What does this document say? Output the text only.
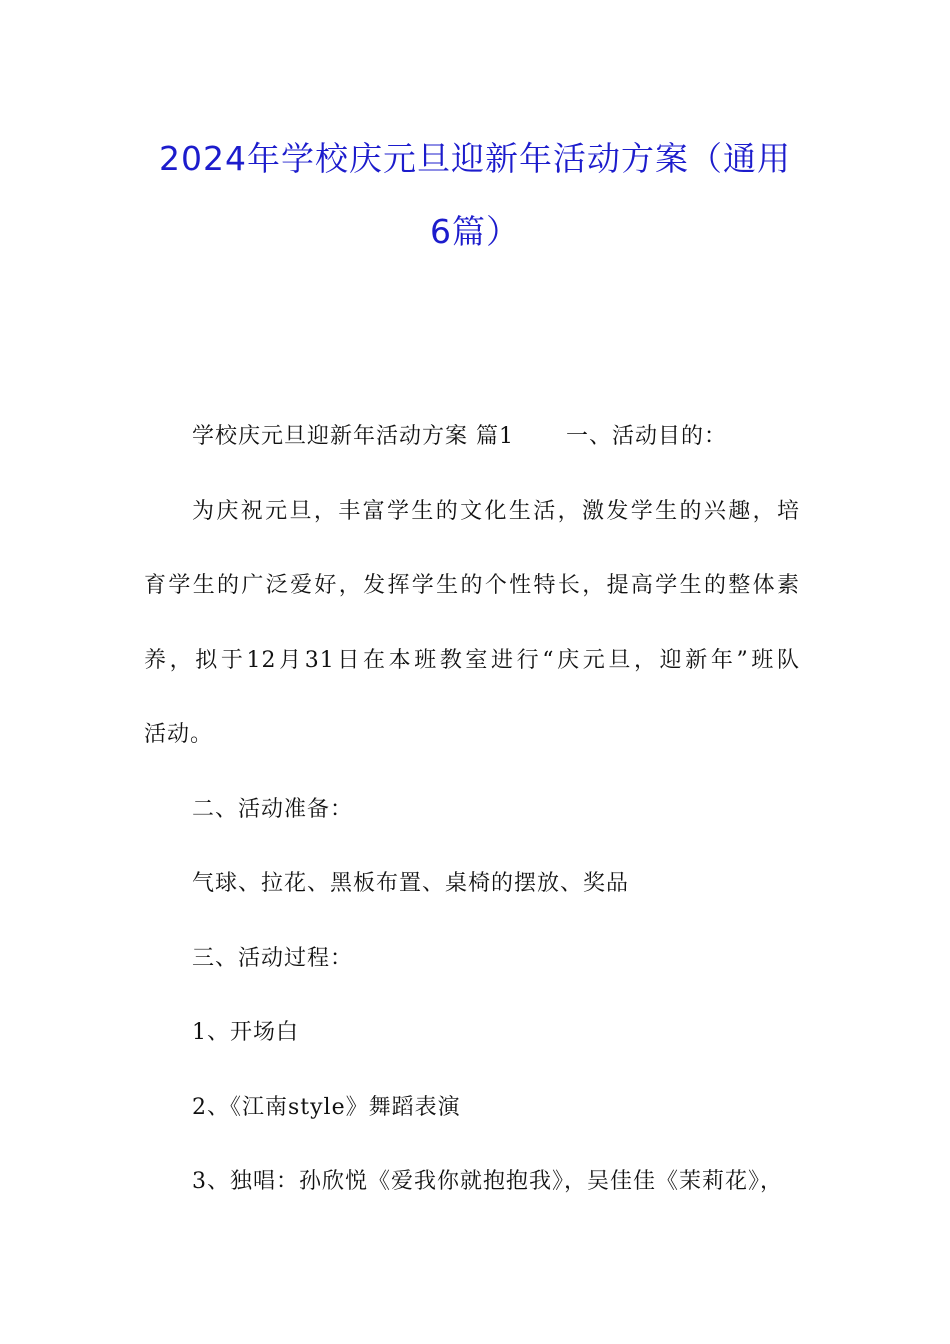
2024年学校庆元旦迎新年活动方案（通用
6篇）
学校庆元旦迎新年活动方案 篇1 一、活动目的：
为庆祝元旦，丰富学生的文化生活，激发学生的兴趣，培
育学生的广泛爱好，发挥学生的个性特长，提高学生的整体素
养，拟于12月31日在本班教室进行“庆元旦，迎新年”班队
活动。
二、活动准备：
气球、拉花、黑板布置、桌椅的摆放、奖品
三、活动过程：
1、开场白
2、《江南style》舞蹈表演
3、独唱：孙欣悦《爱我你就抱抱我》，吴佳佳《茉莉花》，
